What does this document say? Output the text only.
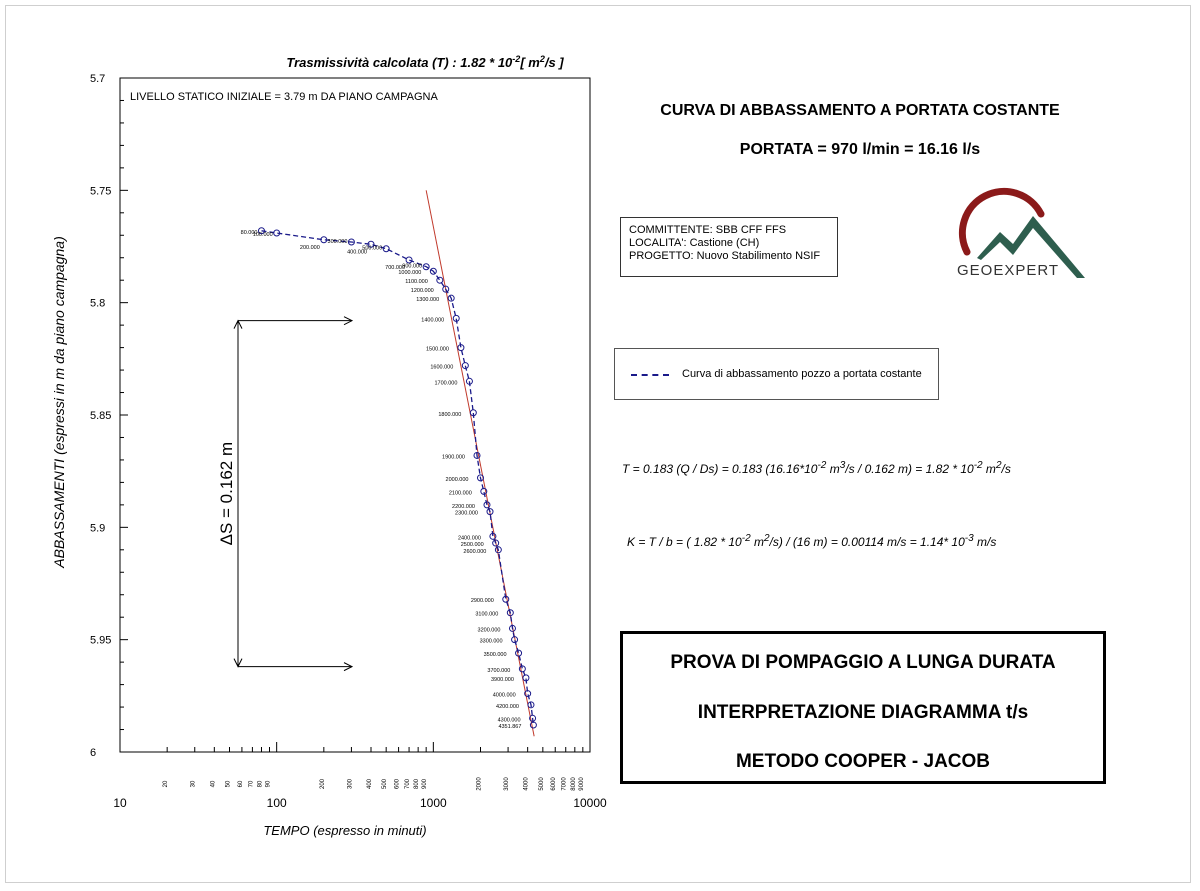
Trasmissività calcolata (T) : $1.82 * 10^{-2}$[ $m^2/s$ ]
LIVELLO STATICO INIZIALE = 3.79 m DA PIANO CAMPAGNA
TEMPO (espresso in minuti)
ABBASSAMENTI (espressi in m da piano campagna)
5.7
5.75
5.8
5.85
5.9
5.95
6
10	100	1000	10000
20	30 40 50 60 70 80 90	200	300 400 500 600 700 800 900	2000	3000 4000 5000 6000 7000 8000 9000
80.000
100.000
200.000
300.000
400.000
500.000
700.000
900.000
1000.000
1100.000
1200.000
1300.000
1400.000
1500.000
1600.000
1700.000
1800.000
1900.000
2000.000
2100.000
2200.000
2300.000
2400.000
2500.000
2600.000
2900.000
3100.000
3200.000
3300.000
3500.000
3700.000
3900.000
4000.000
4200.000
4300.000
4351.867
ΔS = 0.162 m
CURVA DI ABBASSAMENTO A PORTATA COSTANTE
PORTATA = 970 l/min = 16.16 l/s
COMMITTENTE: SBB CFF FFS
LOCALITA': Castione (CH)
PROGETTO: Nuovo Stabilimento NSIF
GEOEXPERT
Curva di abbassamento pozzo a portata costante
T = 0.183 (Q / Ds) = 0.183 ($16.16*10^{-2}$ $m^3/s / 0.162$ $m) = 1.82 * 10^{-2}$ $m^2/s$
K = T / b = ( $1.82 * 10^{-2}$ $m^2/s) / (16$ m) = 0.00114 m/s = 1.14* $10^{-3}$ m/s
PROVA DI POMPAGGIO A LUNGA DURATA
INTERPRETAZIONE DIAGRAMMA t/s
METODO COOPER - JACOB
